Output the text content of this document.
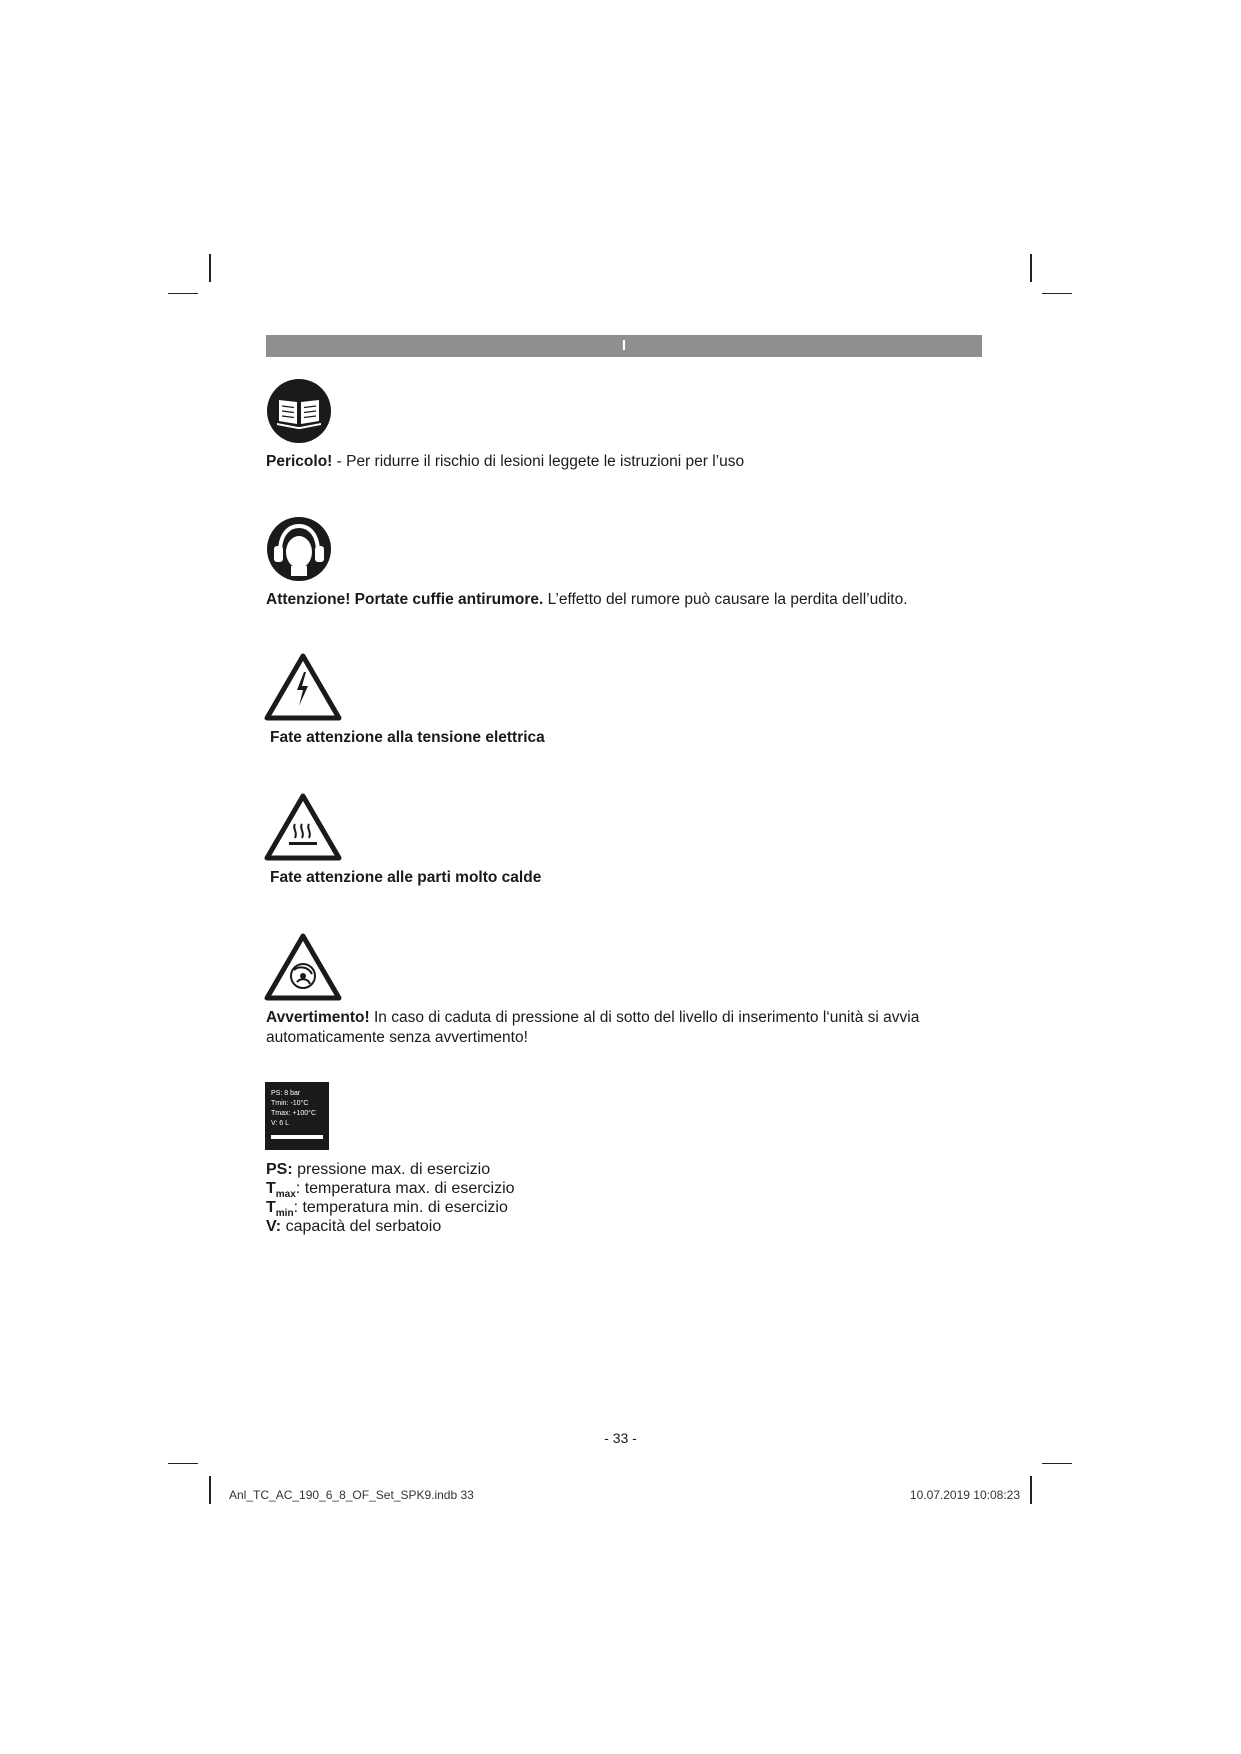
I
Pericolo! - Per ridurre il rischio di lesioni leggete le istruzioni per l’uso
Attenzione! Portate cuffie antirumore. L’effetto del rumore può causare la perdita dell’udito.
Fate attenzione alla tensione elettrica
Fate attenzione alle parti molto calde
Avvertimento! In caso di caduta di pressione al di sotto del livello di inserimento l‘unità si avvia automaticamente senza avvertimento!
PS: 8 bar
Tmin: -10°C
Tmax: +100°C
V: 6 L
PS: pressione max. di esercizio
$T_{max}$: temperatura max. di esercizio
$T_{min}$: temperatura min. di esercizio
V: capacità del serbatoio
- 33 -
Anl_TC_AC_190_6_8_OF_Set_SPK9.indb 33	10.07.2019 10:08:23
